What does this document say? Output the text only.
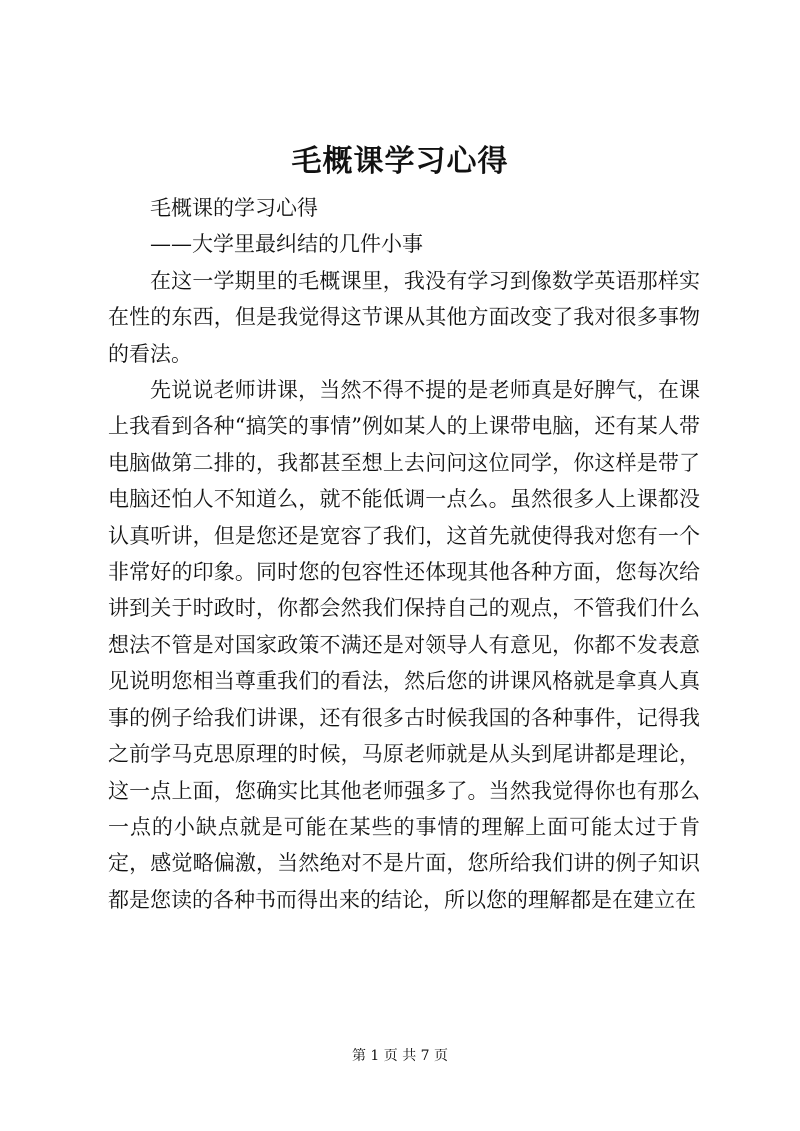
毛概课学习心得

毛概课的学习心得

——大学里最纠结的几件小事

在这一学期里的毛概课里，我没有学习到像数学英语那样实在性的东西，但是我觉得这节课从其他方面改变了我对很多事物的看法。

先说说老师讲课，当然不得不提的是老师真是好脾气，在课上我看到各种“搞笑的事情”例如某人的上课带电脑，还有某人带电脑做第二排的，我都甚至想上去问问这位同学，你这样是带了电脑还怕人不知道么，就不能低调一点么。虽然很多人上课都没认真听讲，但是您还是宽容了我们，这首先就使得我对您有一个非常好的印象。同时您的包容性还体现其他各种方面，您每次给讲到关于时政时，你都会然我们保持自己的观点，不管我们什么想法不管是对国家政策不满还是对领导人有意见，你都不发表意见说明您相当尊重我们的看法，然后您的讲课风格就是拿真人真事的例子给我们讲课，还有很多古时候我国的各种事件，记得我之前学马克思原理的时候，马原老师就是从头到尾讲都是理论，这一点上面，您确实比其他老师强多了。当然我觉得你也有那么一点的小缺点就是可能在某些的事情的理解上面可能太过于肯定，感觉略偏激，当然绝对不是片面，您所给我们讲的例子知识都是您读的各种书而得出来的结论，所以您的理解都是在建立在

第 1 页 共 7 页
